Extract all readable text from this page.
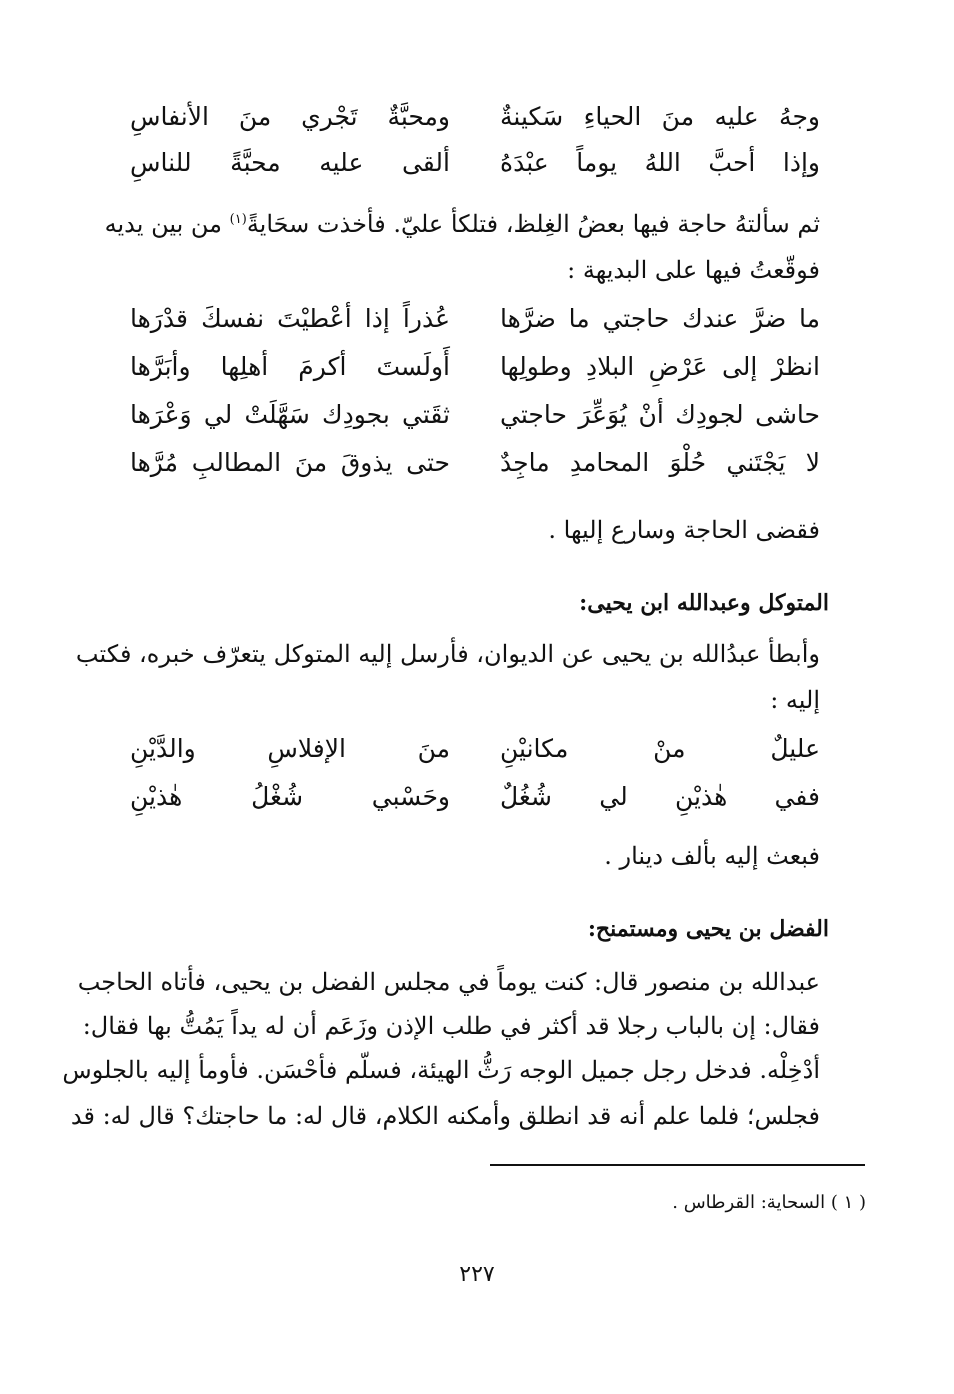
وجهُ عليه منَ الحياءِ سَكينةٌ
ومحبَّةٌ تَجْري منَ الأنفاسِ
وإذا أحبَّ اللهُ يوماً عبْدَهُ
ألقى عليه محبَّةً للناسِ
ثم سألتهُ حاجة فيها بعضُ الغِلظ، فتلكأ عليّ. فأخذت سحَايةً$^{(١)}$ من بين يديه
فوقّعتُ فيها على البديهة :
ما ضرَّ عندك حاجتي ما ضرَّها
عُذراً إذا أعْطيْتَ نفسكَ قدْرَها
انظرْ إلى عَرْضِ البلادِ وطولِها
أَولَستَ أكرمَ أهلِها وأبَرَّها
حاشى لجودِك أنْ يُوَعِّرَ حاجتي
ثقَتي بجودِك سَهَّلَتْ لي وَعْرَها
لا يَجْتَني حُلْوَ المحامدِ ماجِدٌ
حتى يذوقَ منَ المطالبِ مُرَّها
فقضى الحاجة وسارع إليها .
المتوكل وعبدالله ابن يحيى:
وأبطأ عبدُالله بن يحيى عن الديوان، فأرسل إليه المتوكل يتعرّف خبره، فكتب
إليه :
عليلٌ منْ مكانيْنِ
منَ الإفلاسِ والدَّيْنِ
ففي هٰذيْنِ لي شُغُلٌ
وحَسْبي شُغْلُ هٰذيْنِ
فبعث إليه بألف دينار .
الفضل بن يحيى ومستمنح:
عبدالله بن منصور قال: كنت يوماً في مجلس الفضل بن يحيى، فأتاه الحاجب
فقال: إن بالباب رجلا قد أكثر في طلب الإذن وزَعَم أن له يداً يَمُتُّ بها فقال:
أدْخِلْه. فدخل رجل جميل الوجه رَثُّ الهيئة، فسلّم فأحْسَن. فأومأ إليه بالجلوس
فجلس؛ فلما علم أنه قد انطلق وأمكنه الكلام، قال له: ما حاجتك؟ قال له: قد
( ١ ) السحاية: القرطاس .
٢٢٧
